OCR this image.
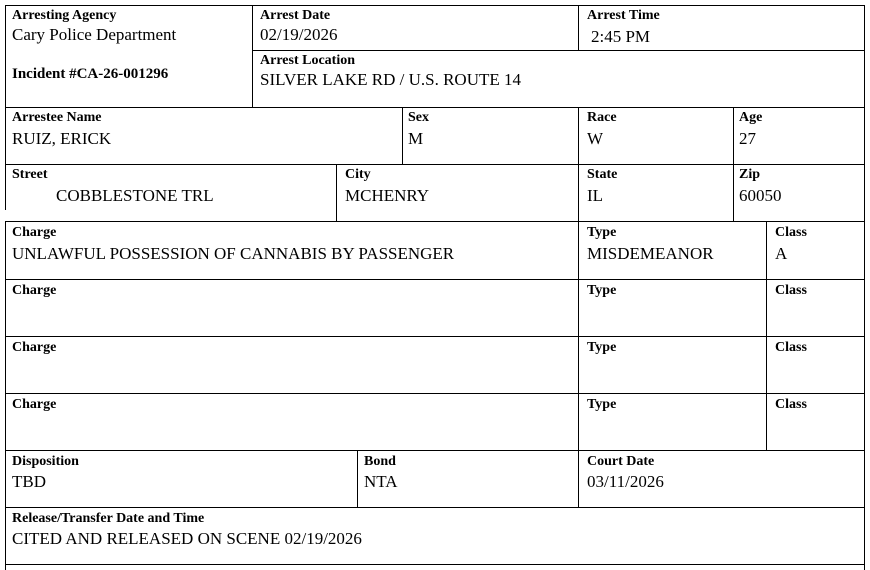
Arresting Agency
Cary Police Department
Incident #CA-26-001296
Arrest Date
02/19/2026
Arrest Time
2:45 PM
Arrest Location
SILVER LAKE RD / U.S. ROUTE 14
Arrestee Name
RUIZ, ERICK
Sex
M
Race
W
Age
27
Street
COBBLESTONE TRL
City
MCHENRY
State
IL
Zip
60050
Charge
UNLAWFUL POSSESSION OF CANNABIS BY PASSENGER
Type
MISDEMEANOR
Class
A
Charge	Type	Class
Charge	Type	Class
Charge	Type	Class
Disposition
TBD
Bond
NTA
Court Date
03/11/2026
Release/Transfer Date and Time
CITED AND RELEASED ON SCENE 02/19/2026
